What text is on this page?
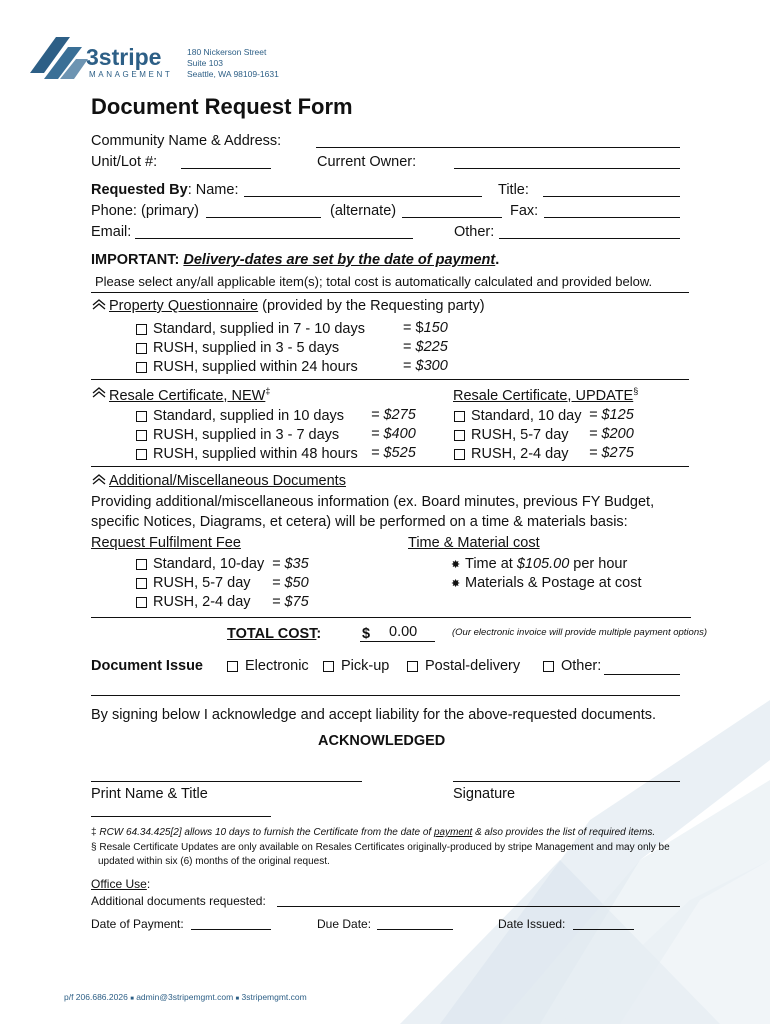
3stripe
MANAGEMENT
180 Nickerson Street
Suite 103
Seattle, WA 98109-1631
Document Request Form
Community Name & Address:
Unit/Lot #:	Current Owner:
Requested By: Name:	Title:
Phone: (primary)	(alternate)	Fax:
Email:	Other:
IMPORTANT: Delivery-dates are set by the date of payment.
Please select any/all applicable item(s); total cost is automatically calculated and provided below.
Property Questionnaire (provided by the Requesting party)
Standard, supplied in 7 - 10 days	= $150
RUSH, supplied in 3 - 5 days	= $225
RUSH, supplied within 24 hours	= $300
Resale Certificate, NEW‡	Resale Certificate, UPDATE§
Standard, supplied in 10 days = $275
RUSH, supplied in 3 - 7 days = $400
RUSH, supplied within 48 hours = $525
Standard, 10 day = $125
RUSH, 5-7 day = $200
RUSH, 2-4 day = $275
Additional/Miscellaneous Documents
Providing additional/miscellaneous information (ex. Board minutes, previous FY Budget,
specific Notices, Diagrams, et cetera) will be performed on a time & materials basis:
Request Fulfilment Fee	Time & Material cost
Standard, 10-day = $35
RUSH, 5-7 day = $50
RUSH, 2-4 day = $75
✸ Time at $105.00 per hour
✸ Materials & Postage at cost
TOTAL COST:	$ 0.00	(Our electronic invoice will provide multiple payment options)
Document Issue	Electronic Pick-up Postal-delivery	Other:
By signing below I acknowledge and accept liability for the above-requested documents.
ACKNOWLEDGED
Print Name & Title	Signature
‡ RCW 64.34.425[2] allows 10 days to furnish the Certificate from the date of payment & also provides the list of required items.
§ Resale Certificate Updates are only available on Resales Certificates originally-produced by stripe Management and may only be
updated within six (6) months of the original request.
Office Use:
Additional documents requested:
Date of Payment:	Due Date:	Date Issued:
p/f 206.686.2026 ■ admin@3stripemgmt.com ■ 3stripemgmt.com
